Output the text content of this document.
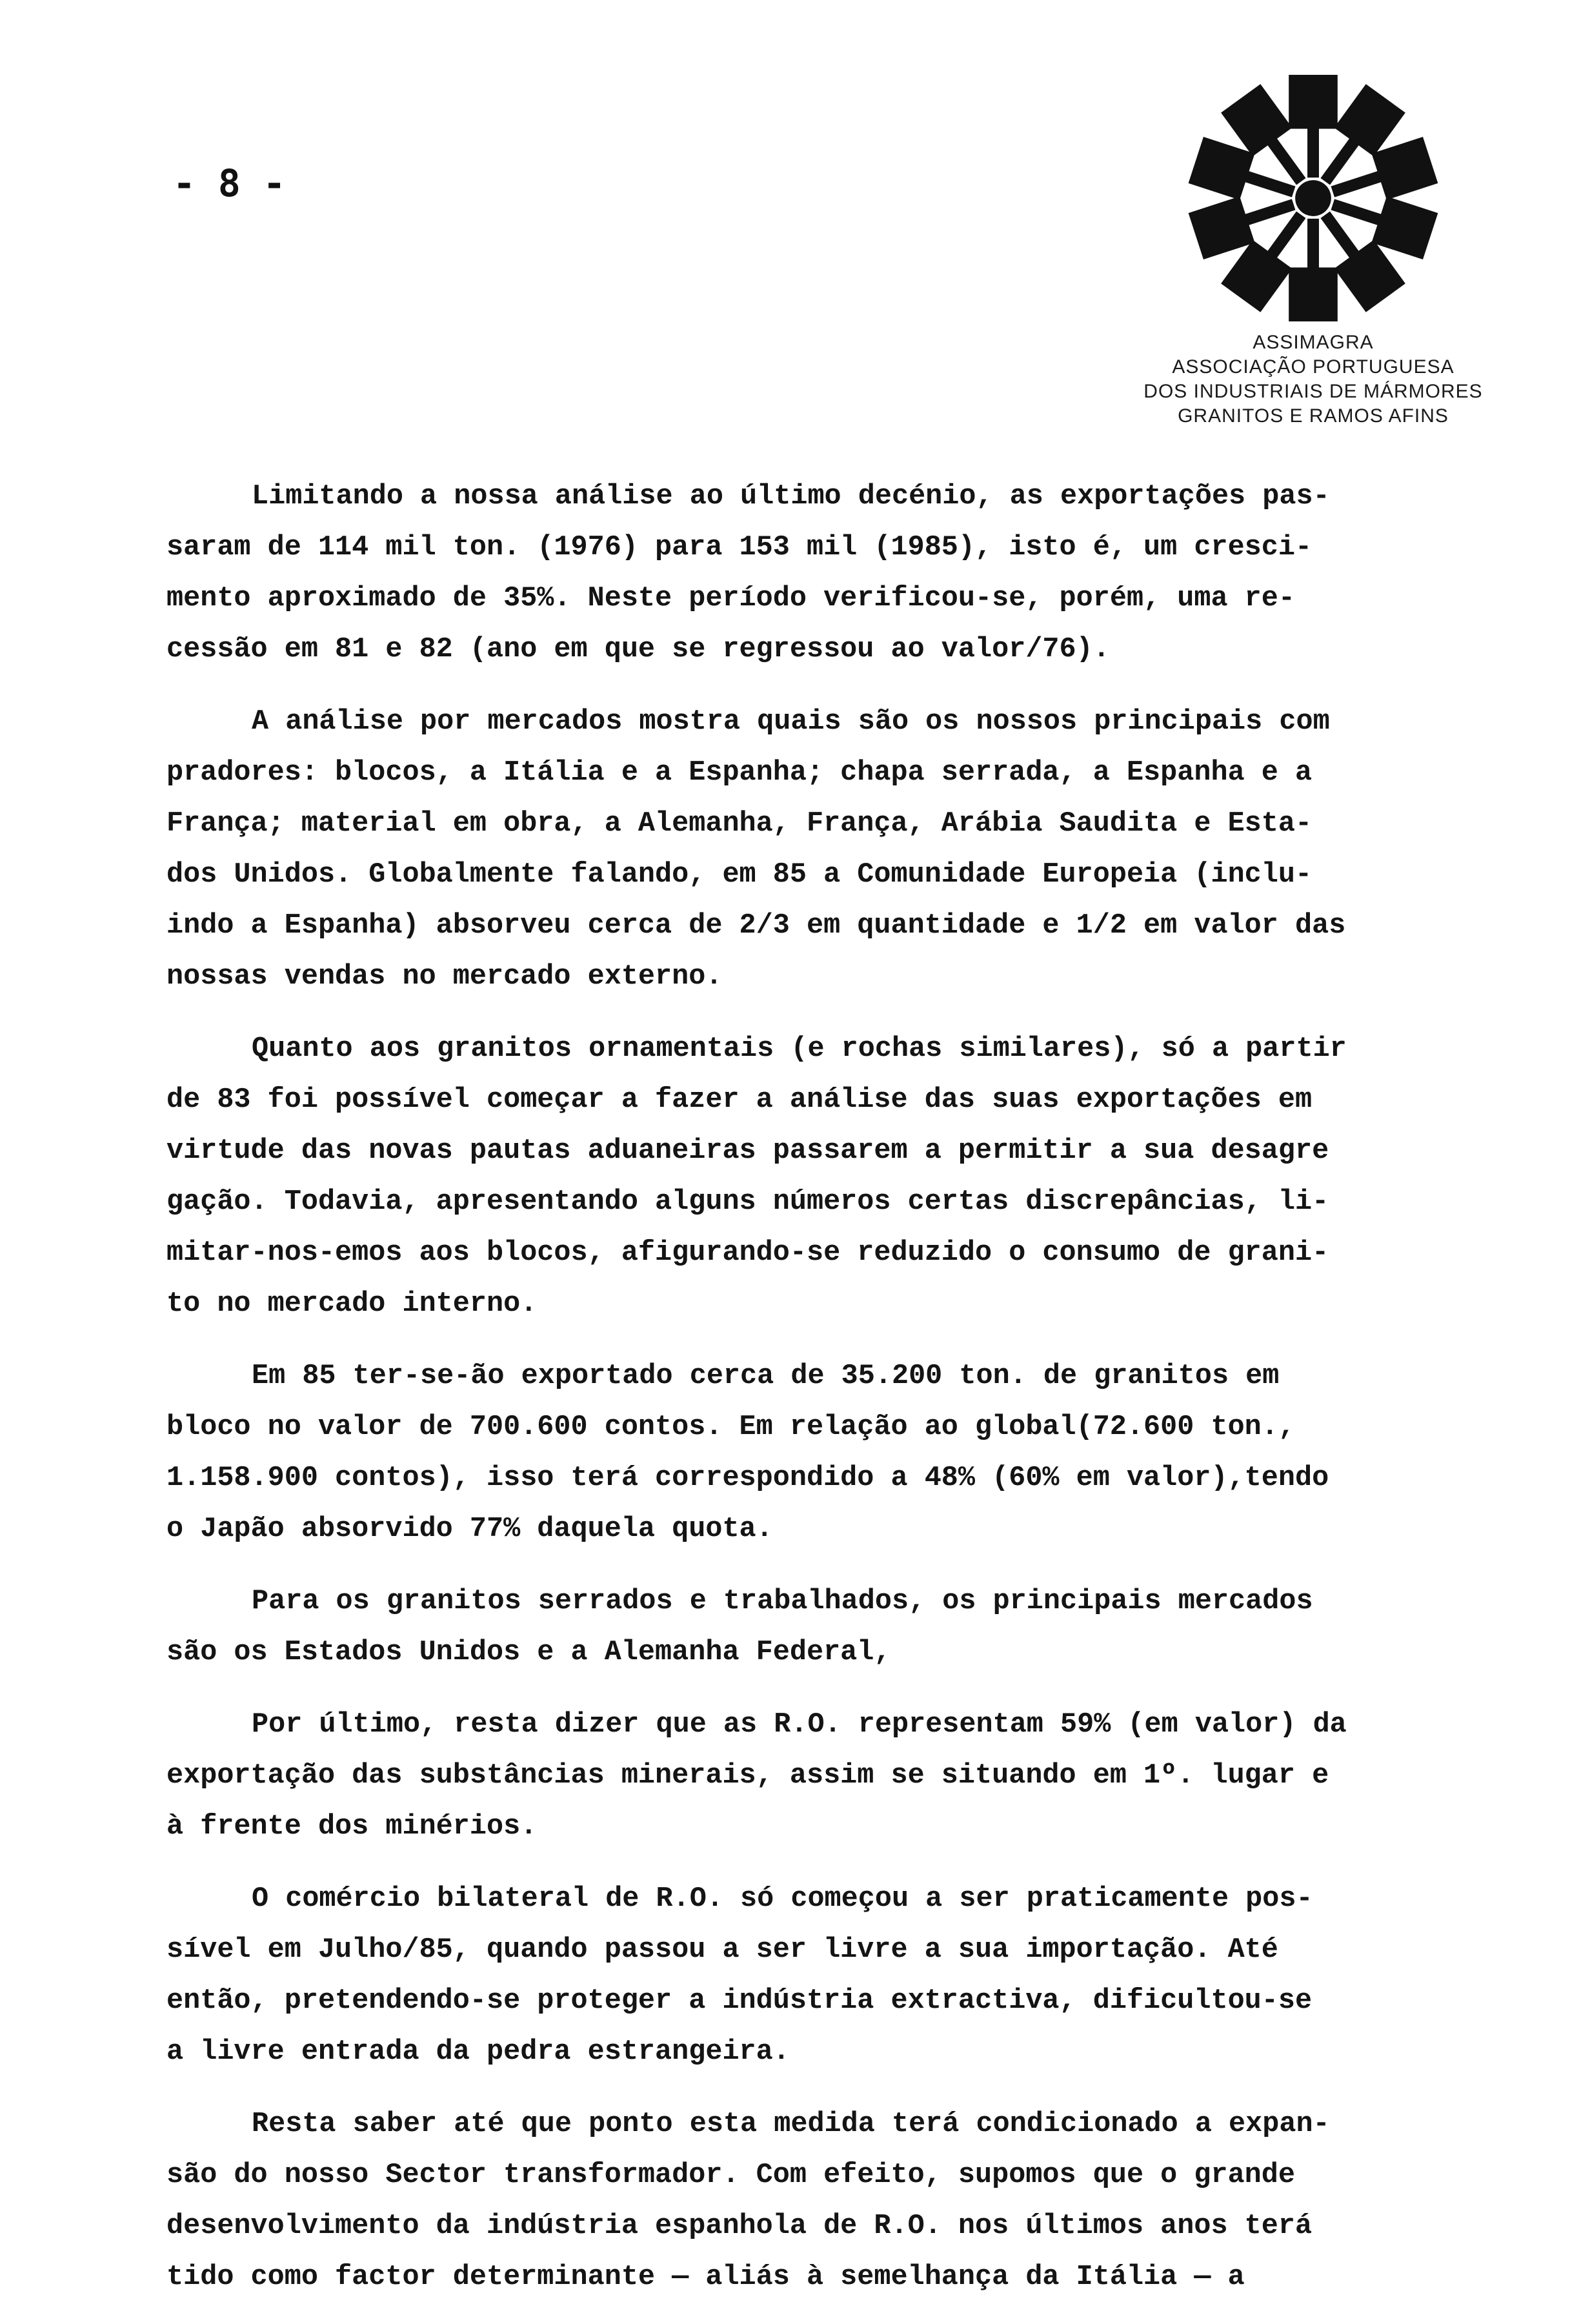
- 8 -
ASSIMAGRA
ASSOCIAÇÃO PORTUGUESA
DOS INDUSTRIAIS DE MÁRMORES
GRANITOS E RAMOS AFINS
Limitando a nossa análise ao último decénio, as exportações pas-
saram de 114 mil ton. (1976) para 153 mil (1985), isto é, um cresci-
mento aproximado de 35%. Neste período verificou-se, porém, uma re-
cessão em 81 e 82 (ano em que se regressou ao valor/76).
A análise por mercados mostra quais são os nossos principais com
pradores: blocos, a Itália e a Espanha; chapa serrada, a Espanha e a
França; material em obra, a Alemanha, França, Arábia Saudita e Esta-
dos Unidos. Globalmente falando, em 85 a Comunidade Europeia (inclu-
indo a Espanha) absorveu cerca de 2/3 em quantidade e 1/2 em valor das
nossas vendas no mercado externo.
Quanto aos granitos ornamentais (e rochas similares), só a partir
de 83 foi possível começar a fazer a análise das suas exportações em
virtude das novas pautas aduaneiras passarem a permitir a sua desagre
gação. Todavia, apresentando alguns números certas discrepâncias, li-
mitar-nos-emos aos blocos, afigurando-se reduzido o consumo de grani-
to no mercado interno.
Em 85 ter-se-ão exportado cerca de 35.200 ton. de granitos em
bloco no valor de 700.600 contos. Em relação ao global(72.600 ton.,
1.158.900 contos), isso terá correspondido a 48% (60% em valor),tendo
o Japão absorvido 77% daquela quota.
Para os granitos serrados e trabalhados, os principais mercados
são os Estados Unidos e a Alemanha Federal,
Por último, resta dizer que as R.O. representam 59% (em valor) da
exportação das substâncias minerais, assim se situando em 1º. lugar e
à frente dos minérios.
O comércio bilateral de R.O. só começou a ser praticamente pos-
sível em Julho/85, quando passou a ser livre a sua importação. Até
então, pretendendo-se proteger a indústria extractiva, dificultou-se
a livre entrada da pedra estrangeira.
Resta saber até que ponto esta medida terá condicionado a expan-
são do nosso Sector transformador. Com efeito, supomos que o grande
desenvolvimento da indústria espanhola de R.O. nos últimos anos terá
tido como factor determinante — aliás à semelhança da Itália — a
